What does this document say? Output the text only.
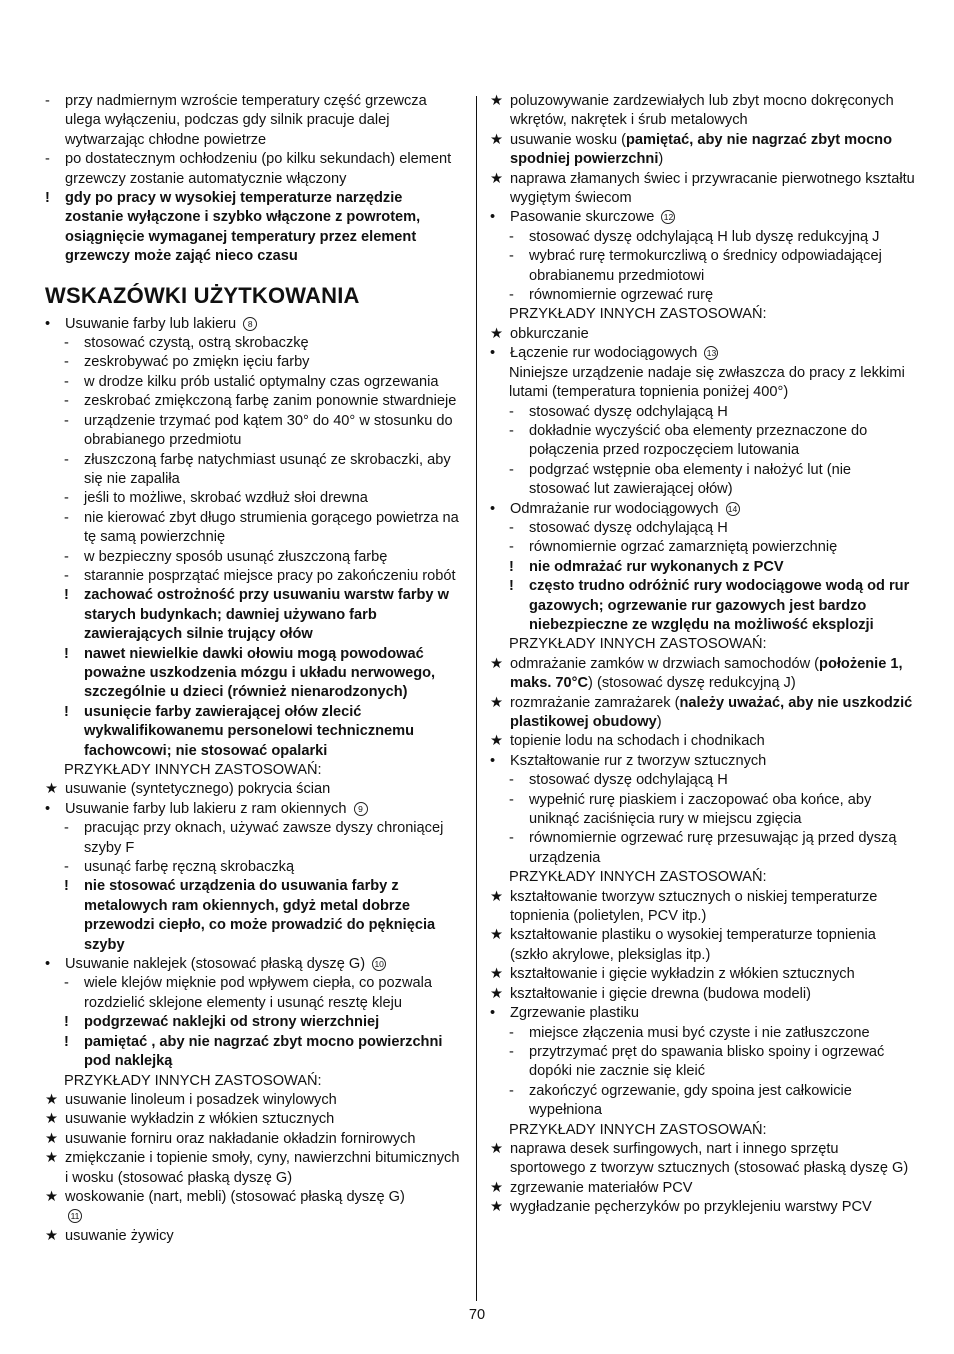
-	przy nadmiernym wzroście temperatury część grzewcza ulega wyłączeniu, podczas gdy silnik pracuje dalej wytwarzając chłodne powietrze
-	po dostatecznym ochłodzeniu (po kilku sekundach) element grzewczy zostanie automatycznie włączony
!	gdy po pracy w wysokiej temperaturze narzędzie zostanie wyłączone i szybko włączone z powrotem, osiągnięcie wymaganej temperatury przez element grzewczy może zająć nieco czasu
WSKAZÓWKI UŻYTKOWANIA
•	Usuwanie farby lub lakieru 8
-	stosować czystą, ostrą skrobaczkę
-	zeskrobywać po zmiękn ięciu farby
-	w drodze kilku prób ustalić optymalny czas ogrzewania
-	zeskrobać zmiękczoną farbę zanim ponownie stwardnieje
-	urządzenie trzymać pod kątem 30° do 40° w stosunku do obrabianego przedmiotu
-	złuszczoną farbę natychmiast usunąć ze skrobaczki, aby się nie zapaliła
-	jeśli to możliwe, skrobać wzdłuż słoi drewna
-	nie kierować zbyt długo strumienia gorącego powietrza na tę samą powierzchnię
-	w bezpieczny sposób usunąć złuszczoną farbę
-	starannie posprzątać miejsce pracy po zakończeniu robót
!	zachować ostrożność przy usuwaniu warstw farby w starych budynkach; dawniej używano farb zawierających silnie trujący ołów
!	nawet niewielkie dawki ołowiu mogą powodować poważne uszkodzenia mózgu i układu nerwowego, szczególnie u dzieci (również nienarodzonych)
!	usunięcie farby zawierającej ołów zlecić wykwalifikowanemu personelowi technicznemu fachowcowi; nie stosować opalarki
PRZYKŁADY INNYCH ZASTOSOWAŃ:
★ usuwanie (syntetycznego) pokrycia ścian
•	Usuwanie farby lub lakieru z ram okiennych 9
-	pracując przy oknach, używać zawsze dyszy chroniącej szyby F
-	usunąć farbę ręczną skrobaczką
!	nie stosować urządzenia do usuwania farby z metalowych ram okiennych, gdyż metal dobrze przewodzi ciepło, co może prowadzić do pęknięcia szyby
•	Usuwanie naklejek (stosować płaską dyszę G) 10
-	wiele klejów mięknie pod wpływem ciepła, co pozwala rozdzielić sklejone elementy i usunąć resztę kleju
!	podgrzewać naklejki od strony wierzchniej
!	pamiętać , aby nie nagrzać zbyt mocno powierzchni pod naklejką
PRZYKŁADY INNYCH ZASTOSOWAŃ:
★ usuwanie linoleum i posadzek winylowych
★ usuwanie wykładzin z włókien sztucznych
★ usuwanie forniru oraz nakładanie okładzin fornirowych
★ zmiękczanie i topienie smoły, cyny, nawierzchni bitumicznych i wosku (stosować płaską dyszę G)
★ woskowanie (nart, mebli) (stosować płaską dyszę G)
11
★ usuwanie żywicy
★ poluzowywanie zardzewiałych lub zbyt mocno dokręconych wkrętów, nakrętek i śrub metalowych
★ usuwanie wosku (pamiętać, aby nie nagrzać zbyt mocno spodniej powierzchni)
★ naprawa złamanych świec i przywracanie pierwotnego kształtu wygiętym świecom
•	Pasowanie skurczowe 12
-	stosować dyszę odchylającą H lub dyszę redukcyjną J
-	wybrać rurę termokurczliwą o średnicy odpowiadającej obrabianemu przedmiotowi
-	równomiernie ogrzewać rurę
PRZYKŁADY INNYCH ZASTOSOWAŃ:
★ obkurczanie
•	Łączenie rur wodociągowych 13
Niniejsze urządzenie nadaje się zwłaszcza do pracy z lekkimi lutami (temperatura topnienia poniżej 400°)
-	stosować dyszę odchylającą H
-	dokładnie wyczyścić oba elementy przeznaczone do połączenia przed rozpoczęciem lutowania
-	podgrzać wstępnie oba elementy i nałożyć lut (nie stosować lut zawierającej ołów)
•	Odmrażanie rur wodociągowych 14
-	stosować dyszę odchylającą H
-	równomiernie ogrzać zamarzniętą powierzchnię
!	nie odmrażać rur wykonanych z PCV
!	często trudno odróżnić rury wodociągowe wodą od rur gazowych; ogrzewanie rur gazowych jest bardzo niebezpieczne ze względu na możliwość eksplozji
PRZYKŁADY INNYCH ZASTOSOWAŃ:
★ odmrażanie zamków w drzwiach samochodów (położenie 1, maks. 70°C) (stosować dyszę redukcyjną J)
★ rozmrażanie zamrażarek (należy uważać, aby nie uszkodzić plastikowej obudowy)
★ topienie lodu na schodach i chodnikach
•	Kształtowanie rur z tworzyw sztucznych
-	stosować dyszę odchylającą H
-	wypełnić rurę piaskiem i zaczopować oba końce, aby uniknąć zaciśnięcia rury w miejscu zgięcia
-	równomiernie ogrzewać rurę przesuwając ją przed dyszą urządzenia
PRZYKŁADY INNYCH ZASTOSOWAŃ:
★ kształtowanie tworzyw sztucznych o niskiej temperaturze topnienia (polietylen, PCV itp.)
★ kształtowanie plastiku o wysokiej temperaturze topnienia (szkło akrylowe, pleksiglas itp.)
★ kształtowanie i gięcie wykładzin z włókien sztucznych
★ kształtowanie i gięcie drewna (budowa modeli)
•	Zgrzewanie plastiku
-	miejsce złączenia musi być czyste i nie zatłuszczone
-	przytrzymać pręt do spawania blisko spoiny i ogrzewać dopóki nie zacznie się kleić
-	zakończyć ogrzewanie, gdy spoina jest całkowicie wypełniona
PRZYKŁADY INNYCH ZASTOSOWAŃ:
★ naprawa desek surfingowych, nart i innego sprzętu sportowego z tworzyw sztucznych (stosować płaską dyszę G)
★ zgrzewanie materiałów PCV
★ wygładzanie pęcherzyków po przyklejeniu warstwy PCV
70
